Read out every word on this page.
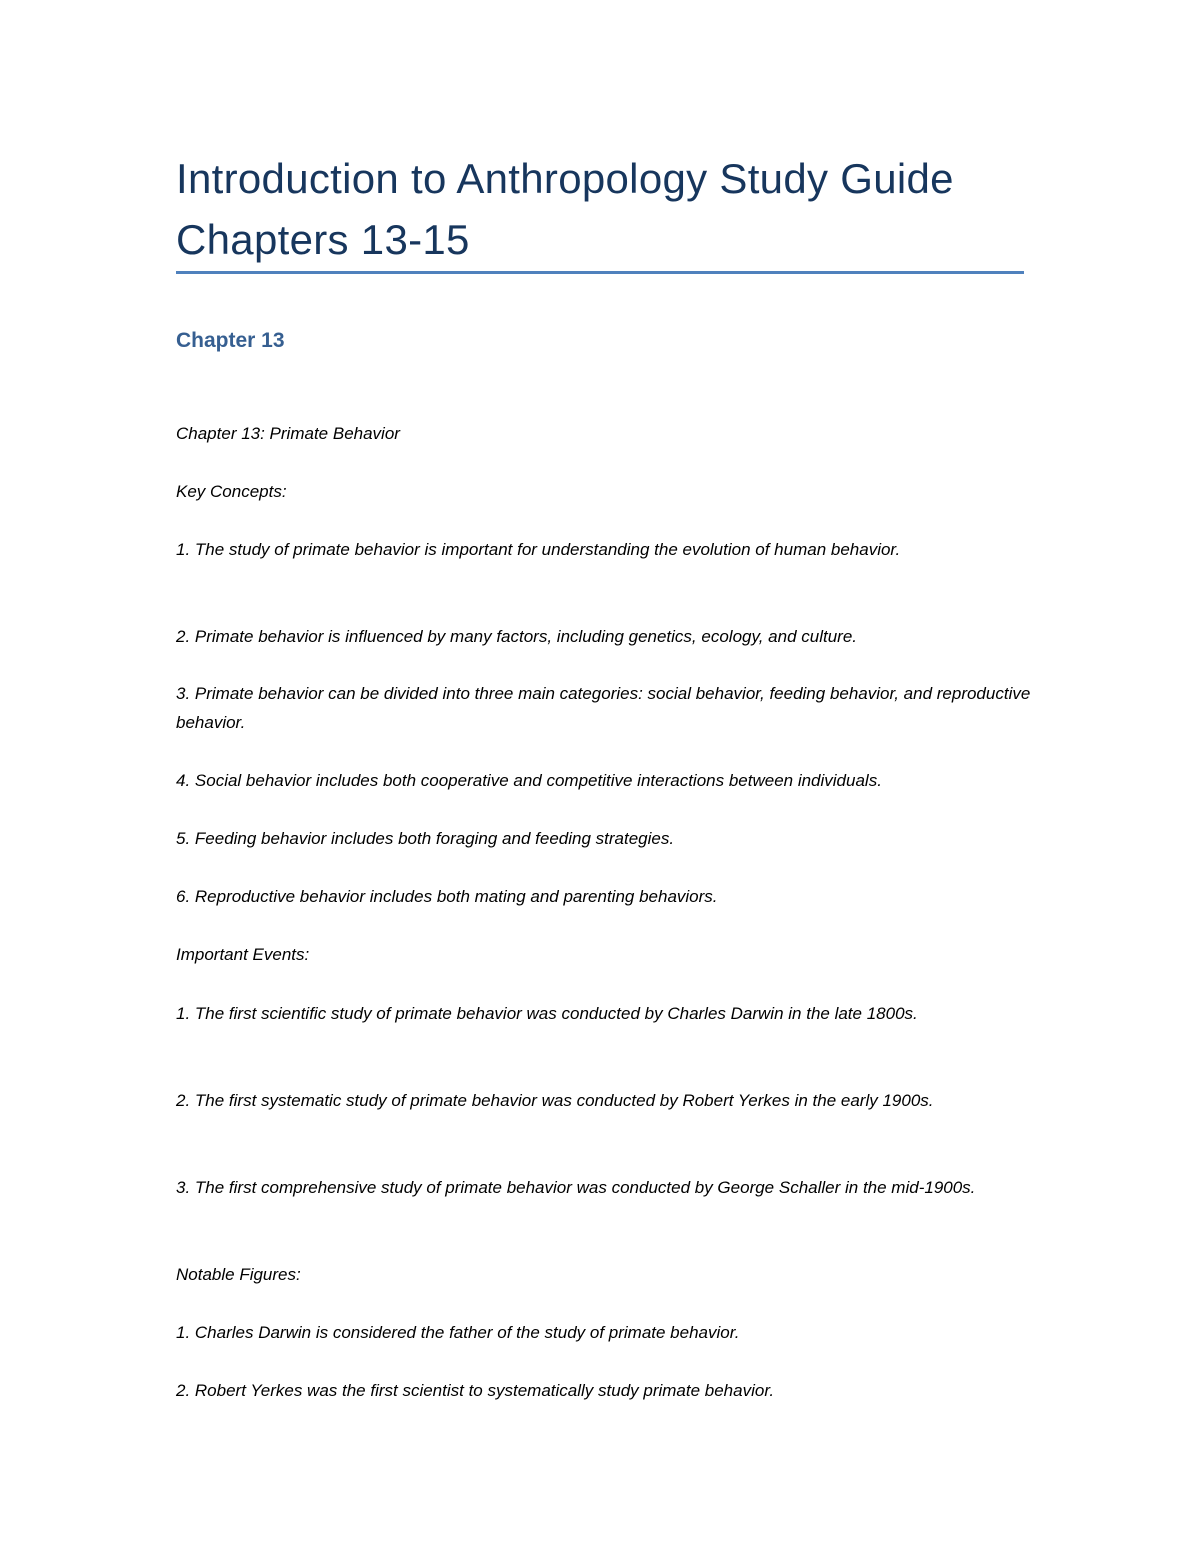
Introduction to Anthropology Study Guide Chapters 13-15
Chapter 13

Chapter 13: Primate Behavior

Key Concepts:

1. The study of primate behavior is important for understanding the evolution of human behavior.

2. Primate behavior is influenced by many factors, including genetics, ecology, and culture.

3. Primate behavior can be divided into three main categories: social behavior, feeding behavior, and reproductive behavior.

4. Social behavior includes both cooperative and competitive interactions between individuals.

5. Feeding behavior includes both foraging and feeding strategies.

6. Reproductive behavior includes both mating and parenting behaviors.

Important Events:

1. The first scientific study of primate behavior was conducted by Charles Darwin in the late 1800s.

2. The first systematic study of primate behavior was conducted by Robert Yerkes in the early 1900s.

3. The first comprehensive study of primate behavior was conducted by George Schaller in the mid-1900s.

Notable Figures:

1. Charles Darwin is considered the father of the study of primate behavior.

2. Robert Yerkes was the first scientist to systematically study primate behavior.
